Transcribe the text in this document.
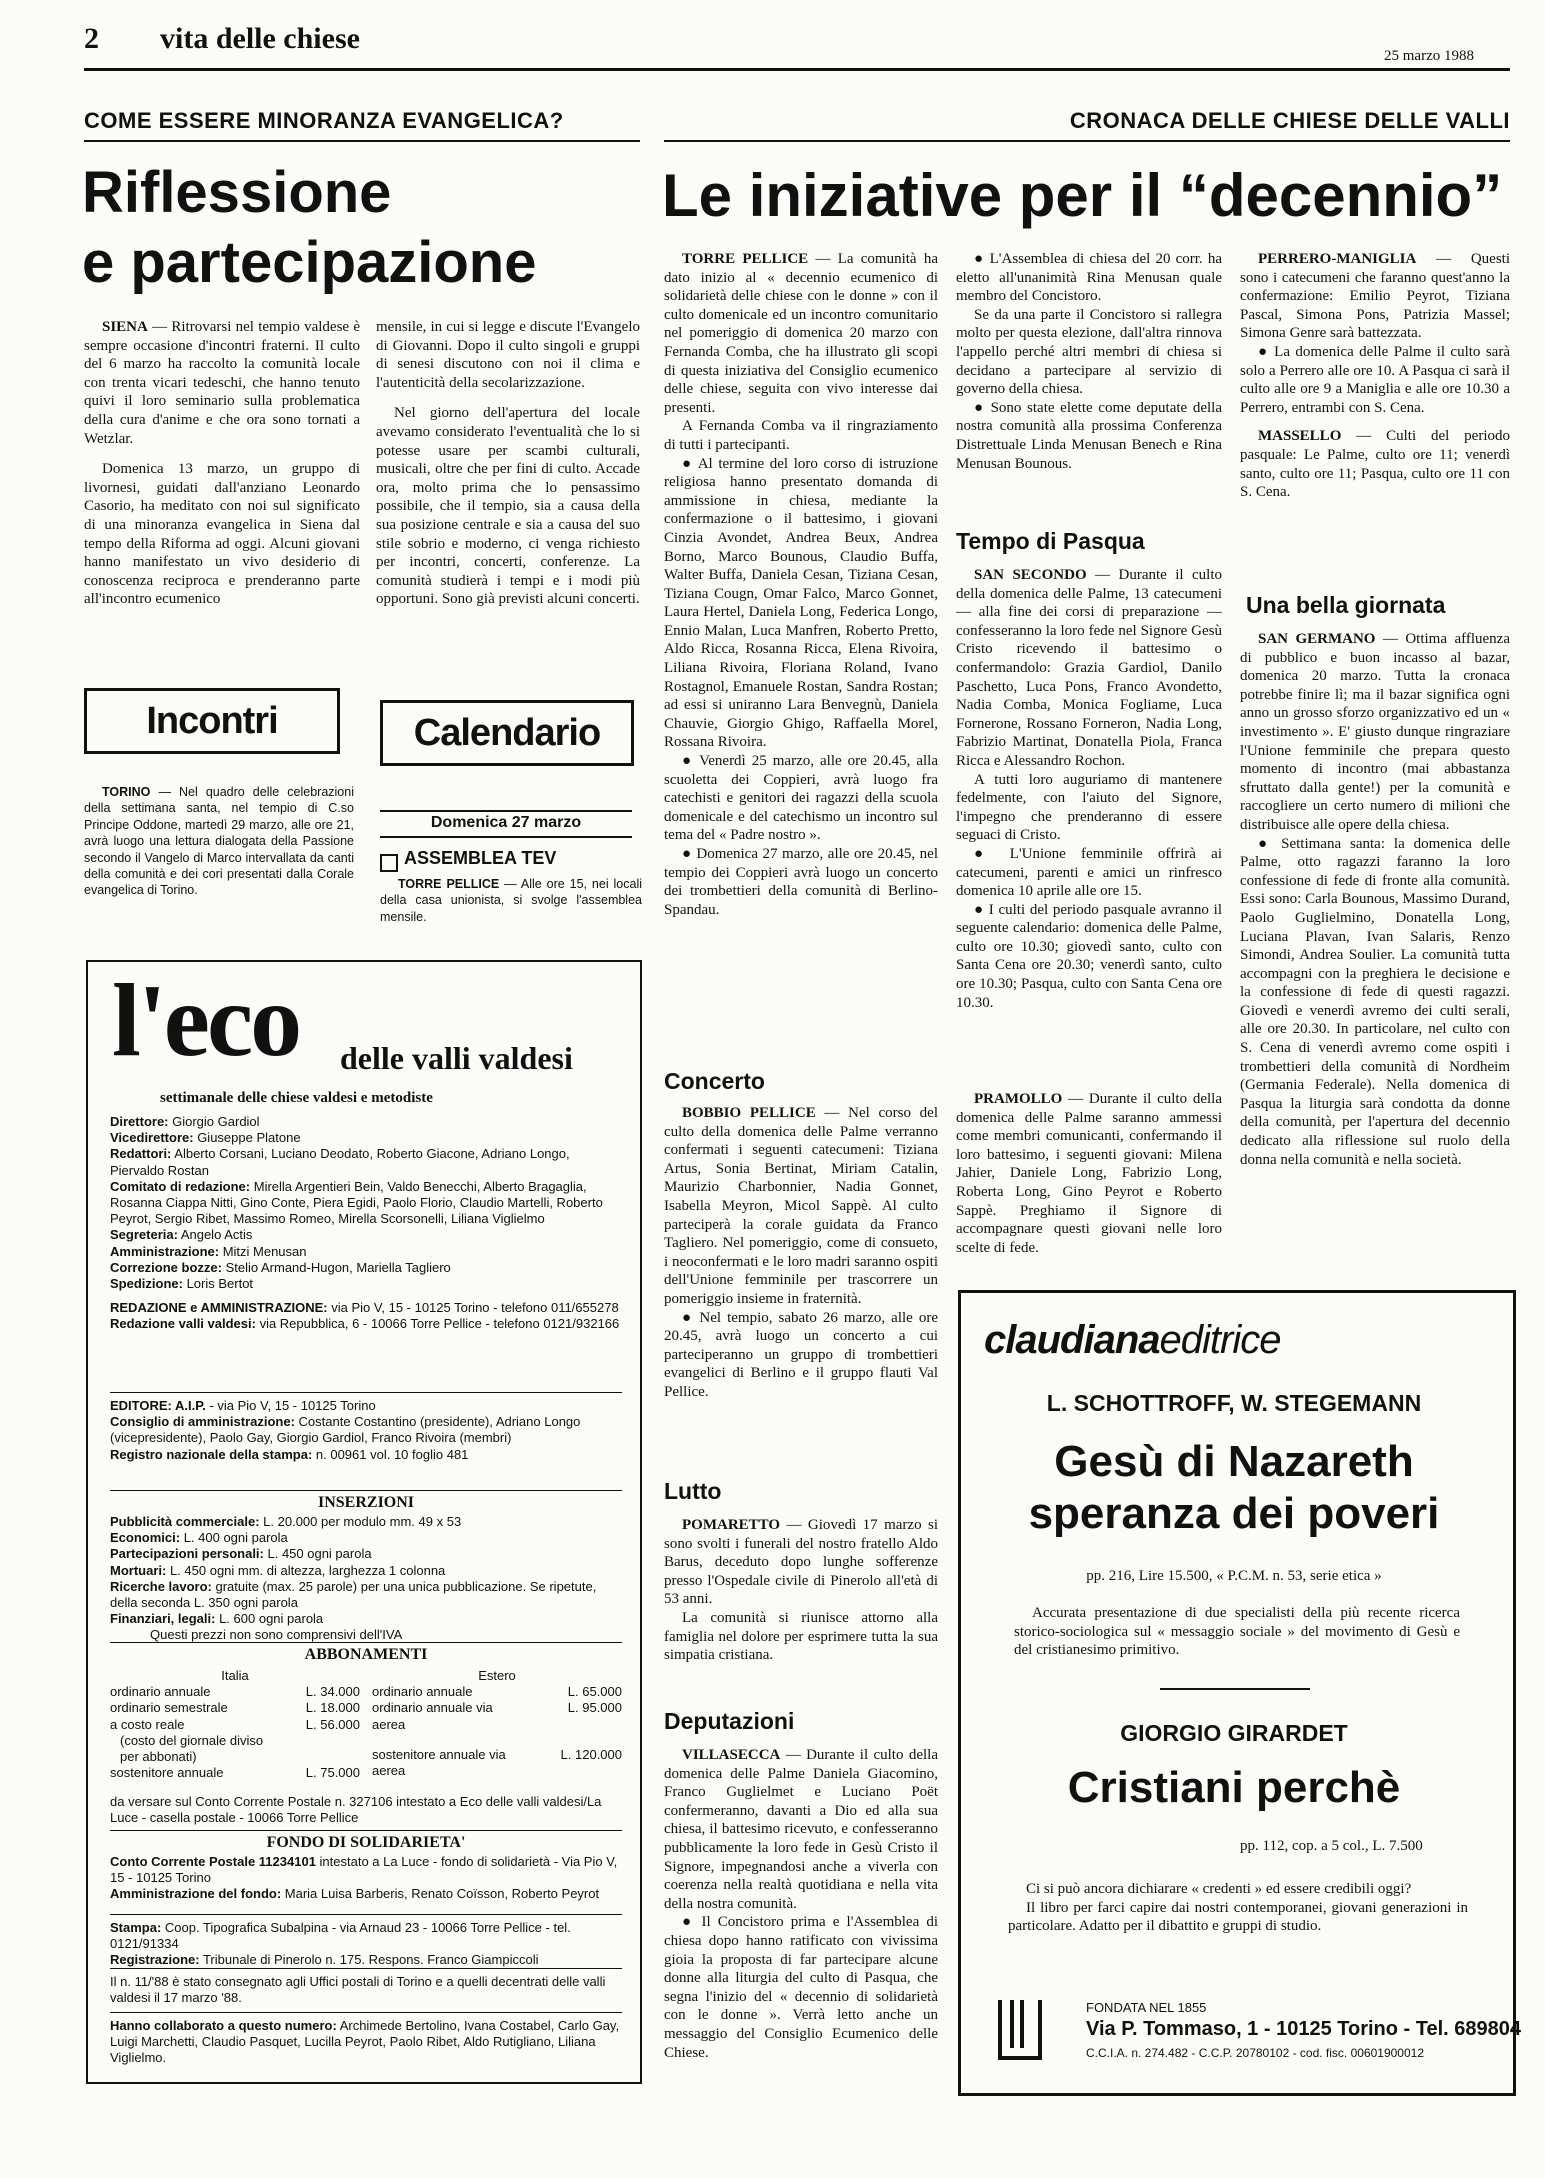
2 vita delle chiese
25 marzo 1988
COME ESSERE MINORANZA EVANGELICA?
Riflessione
e partecipazione

SIENA — Ritrovarsi nel tempio valdese è sempre occasione d'incontri fraterni. Il culto del 6 marzo ha raccolto la comunità locale con trenta vicari tedeschi, che hanno tenuto quivi il loro seminario sulla problematica della cura d'anime e che ora sono tornati a Wetzlar.

Domenica 13 marzo, un gruppo di livornesi, guidati dall'anziano Leonardo Casorio, ha meditato con noi sul significato di una minoranza evangelica in Siena dal tempo della Riforma ad oggi. Alcuni giovani hanno manifestato un vivo desiderio di conoscenza reciproca e prenderanno parte all'incontro ecumenico

mensile, in cui si legge e discute l'Evangelo di Giovanni. Dopo il culto singoli e gruppi di senesi discutono con noi il clima e l'autenticità della secolarizzazione.

Nel giorno dell'apertura del locale avevamo considerato l'eventualità che lo si potesse usare per scambi culturali, musicali, oltre che per fini di culto. Accade ora, molto prima che lo pensassimo possibile, che il tempio, sia a causa della sua posizione centrale e sia a causa del suo stile sobrio e moderno, ci venga richiesto per incontri, concerti, conferenze. La comunità studierà i tempi e i modi più opportuni. Sono già previsti alcuni concerti.

Incontri

TORINO — Nel quadro delle celebrazioni della settimana santa, nel tempio di C.so Principe Oddone, martedì 29 marzo, alle ore 21, avrà luogo una lettura dialogata della Passione secondo il Vangelo di Marco intervallata da canti della comunità e dei cori presentati dalla Corale evangelica di Torino.

Calendario
Domenica 27 marzo
ASSEMBLEA TEV

TORRE PELLICE — Alle ore 15, nei locali della casa unionista, si svolge l'assemblea mensile.

l'eco delle valli valdesi
settimanale delle chiese valdesi e metodiste

Direttore: Giorgio Gardiol

Vicedirettore: Giuseppe Platone

Redattori: Alberto Corsani, Luciano Deodato, Roberto Giacone, Adriano Longo, Piervaldo Rostan

Comitato di redazione: Mirella Argentieri Bein, Valdo Benecchi, Alberto Bragaglia, Rosanna Ciappa Nitti, Gino Conte, Piera Egidi, Paolo Florio, Claudio Martelli, Roberto Peyrot, Sergio Ribet, Massimo Romeo, Mirella Scorsonelli, Liliana Viglielmo

Segreteria: Angelo Actis

Amministrazione: Mitzi Menusan

Correzione bozze: Stelio Armand-Hugon, Mariella Tagliero

Spedizione: Loris Bertot

REDAZIONE e AMMINISTRAZIONE: via Pio V, 15 - 10125 Torino - telefono 011/655278

Redazione valli valdesi: via Repubblica, 6 - 10066 Torre Pellice - telefono 0121/932166

EDITORE: A.I.P. - via Pio V, 15 - 10125 Torino

Consiglio di amministrazione: Costante Costantino (presidente), Adriano Longo (vicepresidente), Paolo Gay, Giorgio Gardiol, Franco Rivoira (membri)

Registro nazionale della stampa: n. 00961 vol. 10 foglio 481

INSERZIONI

Pubblicità commerciale: L. 20.000 per modulo mm. 49 x 53

Economici: L. 400 ogni parola

Partecipazioni personali: L. 450 ogni parola

Mortuari: L. 450 ogni mm. di altezza, larghezza 1 colonna

Ricerche lavoro: gratuite (max. 25 parole) per una unica pubblicazione. Se ripetute, della seconda L. 350 ogni parola

Finanziari, legali: L. 600 ogni parola

Questi prezzi non sono comprensivi dell'IVA

ABBONAMENTI

Italia

ordinario annuale	L. 34.000

ordinario semestrale	L. 18.000

a costo reale	L. 56.000

(costo del giornale diviso per abbonati)

sostenitore annuale	L. 75.000

Estero

ordinario annuale	L. 65.000

ordinario annuale via aerea
L. 95.000

sostenitore annuale via aerea
L. 120.000

da versare sul Conto Corrente Postale n. 327106 intestato a Eco delle valli valdesi/La Luce - casella postale - 10066 Torre Pellice

FONDO DI SOLIDARIETA'

Conto Corrente Postale 11234101 intestato a La Luce - fondo di solidarietà - Via Pio V, 15 - 10125 Torino

Amministrazione del fondo: Maria Luisa Barberis, Renato Coïsson, Roberto Peyrot

Stampa: Coop. Tipografica Subalpina - via Arnaud 23 - 10066 Torre Pellice - tel. 0121/91334

Registrazione: Tribunale di Pinerolo n. 175. Respons. Franco Giampiccoli

Il n. 11/'88 è stato consegnato agli Uffici postali di Torino e a quelli decentrati delle valli valdesi il 17 marzo '88.

Hanno collaborato a questo numero: Archimede Bertolino, Ivana Costabel, Carlo Gay, Luigi Marchetti, Claudio Pasquet, Lucilla Peyrot, Paolo Ribet, Aldo Rutigliano, Liliana Viglielmo.

CRONACA DELLE CHIESE DELLE VALLI
Le iniziative per il “decennio”

TORRE PELLICE — La comunità ha dato inizio al « decennio ecumenico di solidarietà delle chiese con le donne » con il culto domenicale ed un incontro comunitario nel pomeriggio di domenica 20 marzo con Fernanda Comba, che ha illustrato gli scopi di questa iniziativa del Consiglio ecumenico delle chiese, seguita con vivo interesse dai presenti.

A Fernanda Comba va il ringraziamento di tutti i partecipanti.

● Al termine del loro corso di istruzione religiosa hanno presentato domanda di ammissione in chiesa, mediante la confermazione o il battesimo, i giovani Cinzia Avondet, Andrea Beux, Andrea Borno, Marco Bounous, Claudio Buffa, Walter Buffa, Daniela Cesan, Tiziana Cesan, Tiziana Cougn, Omar Falco, Marco Gonnet, Laura Hertel, Daniela Long, Federica Longo, Ennio Malan, Luca Manfren, Roberto Pretto, Aldo Ricca, Rosanna Ricca, Elena Rivoira, Liliana Rivoira, Floriana Roland, Ivano Rostagnol, Emanuele Rostan, Sandra Rostan; ad essi si uniranno Lara Benvegnù, Daniela Chauvie, Giorgio Ghigo, Raffaella Morel, Rossana Rivoira.

● Venerdì 25 marzo, alle ore 20.45, alla scuoletta dei Coppieri, avrà luogo fra catechisti e genitori dei ragazzi della scuola domenicale e del catechismo un incontro sul tema del « Padre nostro ».

● Domenica 27 marzo, alle ore 20.45, nel tempio dei Coppieri avrà luogo un concerto dei trombettieri della comunità di Berlino-Spandau.

Concerto

BOBBIO PELLICE — Nel corso del culto della domenica delle Palme verranno confermati i seguenti catecumeni: Tiziana Artus, Sonia Bertinat, Miriam Catalin, Maurizio Charbonnier, Nadia Gonnet, Isabella Meyron, Micol Sappè. Al culto parteciperà la corale guidata da Franco Tagliero. Nel pomeriggio, come di consueto, i neoconfermati e le loro madri saranno ospiti dell'Unione femminile per trascorrere un pomeriggio insieme in fraternità.

● Nel tempio, sabato 26 marzo, alle ore 20.45, avrà luogo un concerto a cui parteciperanno un gruppo di trombettieri evangelici di Berlino e il gruppo flauti Val Pellice.

Lutto

POMARETTO — Giovedì 17 marzo si sono svolti i funerali del nostro fratello Aldo Barus, deceduto dopo lunghe sofferenze presso l'Ospedale civile di Pinerolo all'età di 53 anni.

La comunità si riunisce attorno alla famiglia nel dolore per esprimere tutta la sua simpatia cristiana.

Deputazioni

VILLASECCA — Durante il culto della domenica delle Palme Daniela Giacomino, Franco Guglielmet e Luciano Poët confermeranno, davanti a Dio ed alla sua chiesa, il battesimo ricevuto, e confesseranno pubblicamente la loro fede in Gesù Cristo il Signore, impegnandosi anche a viverla con coerenza nella realtà quotidiana e nella vita della nostra comunità.

● Il Concistoro prima e l'Assemblea di chiesa dopo hanno ratificato con vivissima gioia la proposta di far partecipare alcune donne alla liturgia del culto di Pasqua, che segna l'inizio del « decennio di solidarietà con le donne ». Verrà letto anche un messaggio del Consiglio Ecumenico delle Chiese.

● L'Assemblea di chiesa del 20 corr. ha eletto all'unanimità Rina Menusan quale membro del Concistoro.

Se da una parte il Concistoro si rallegra molto per questa elezione, dall'altra rinnova l'appello perché altri membri di chiesa si decidano a partecipare al servizio di governo della chiesa.

● Sono state elette come deputate della nostra comunità alla prossima Conferenza Distrettuale Linda Menusan Benech e Rina Menusan Bounous.

Tempo di Pasqua

SAN SECONDO — Durante il culto della domenica delle Palme, 13 catecumeni — alla fine dei corsi di preparazione — confesseranno la loro fede nel Signore Gesù Cristo ricevendo il battesimo o confermandolo: Grazia Gardiol, Danilo Paschetto, Luca Pons, Franco Avondetto, Nadia Comba, Monica Fogliame, Luca Fornerone, Rossano Forneron, Nadia Long, Fabrizio Martinat, Donatella Piola, Franca Ricca e Alessandro Rochon.

A tutti loro auguriamo di mantenere fedelmente, con l'aiuto del Signore, l'impegno che prenderanno di essere seguaci di Cristo.

● L'Unione femminile offrirà ai catecumeni, parenti e amici un rinfresco domenica 10 aprile alle ore 15.

● I culti del periodo pasquale avranno il seguente calendario: domenica delle Palme, culto ore 10.30; giovedì santo, culto con Santa Cena ore 20.30; venerdì santo, culto ore 10.30; Pasqua, culto con Santa Cena ore 10.30.

PRAMOLLO — Durante il culto della domenica delle Palme saranno ammessi come membri comunicanti, confermando il loro battesimo, i seguenti giovani: Milena Jahier, Daniele Long, Fabrizio Long, Roberta Long, Gino Peyrot e Roberto Sappè. Preghiamo il Signore di accompagnare questi giovani nelle loro scelte di fede.

PERRERO-MANIGLIA — Questi sono i catecumeni che faranno quest'anno la confermazione: Emilio Peyrot, Tiziana Pascal, Simona Pons, Patrizia Massel; Simona Genre sarà battezzata.

● La domenica delle Palme il culto sarà solo a Perrero alle ore 10. A Pasqua ci sarà il culto alle ore 9 a Maniglia e alle ore 10.30 a Perrero, entrambi con S. Cena.

MASSELLO — Culti del periodo pasquale: Le Palme, culto ore 11; venerdì santo, culto ore 11; Pasqua, culto ore 11 con S. Cena.

Una bella giornata

SAN GERMANO — Ottima affluenza di pubblico e buon incasso al bazar, domenica 20 marzo. Tutta la cronaca potrebbe finire lì; ma il bazar significa ogni anno un grosso sforzo organizzativo ed un « investimento ». E' giusto dunque ringraziare l'Unione femminile che prepara questo momento di incontro (mai abbastanza sfruttato dalla gente!) per la comunità e raccogliere un certo numero di milioni che distribuisce alle opere della chiesa.

● Settimana santa: la domenica delle Palme, otto ragazzi faranno la loro confessione di fede di fronte alla comunità. Essi sono: Carla Bounous, Massimo Durand, Paolo Guglielmino, Donatella Long, Luciana Plavan, Ivan Salaris, Renzo Simondi, Andrea Soulier. La comunità tutta accompagni con la preghiera le decisione e la confessione di fede di questi ragazzi. Giovedì e venerdì avremo dei culti serali, alle ore 20.30. In particolare, nel culto con S. Cena di venerdì avremo come ospiti i trombettieri della comunità di Nordheim (Germania Federale). Nella domenica di Pasqua la liturgia sarà condotta da donne della comunità, per l'apertura del decennio dedicato alla riflessione sul ruolo della donna nella comunità e nella società.

claudianaeditrice
L. SCHOTTROFF, W. STEGEMANN
Gesù di Nazareth
speranza dei poveri
pp. 216, Lire 15.500, « P.C.M. n. 53, serie etica »

Accurata presentazione di due specialisti della più recente ricerca storico-sociologica sul « messaggio sociale » del movimento di Gesù e del cristianesimo primitivo.

GIORGIO GIRARDET
Cristiani perchè
pp. 112, cop. a 5 col., L. 7.500

Ci si può ancora dichiarare « credenti » ed essere credibili oggi?

Il libro per farci capire dai nostri contemporanei, giovani generazioni in particolare. Adatto per il dibattito e gruppi di studio.

FONDATA NEL 1855
Via P. Tommaso, 1 - 10125 Torino - Tel. 689804
C.C.I.A. n. 274.482 - C.C.P. 20780102 - cod. fisc. 00601900012
